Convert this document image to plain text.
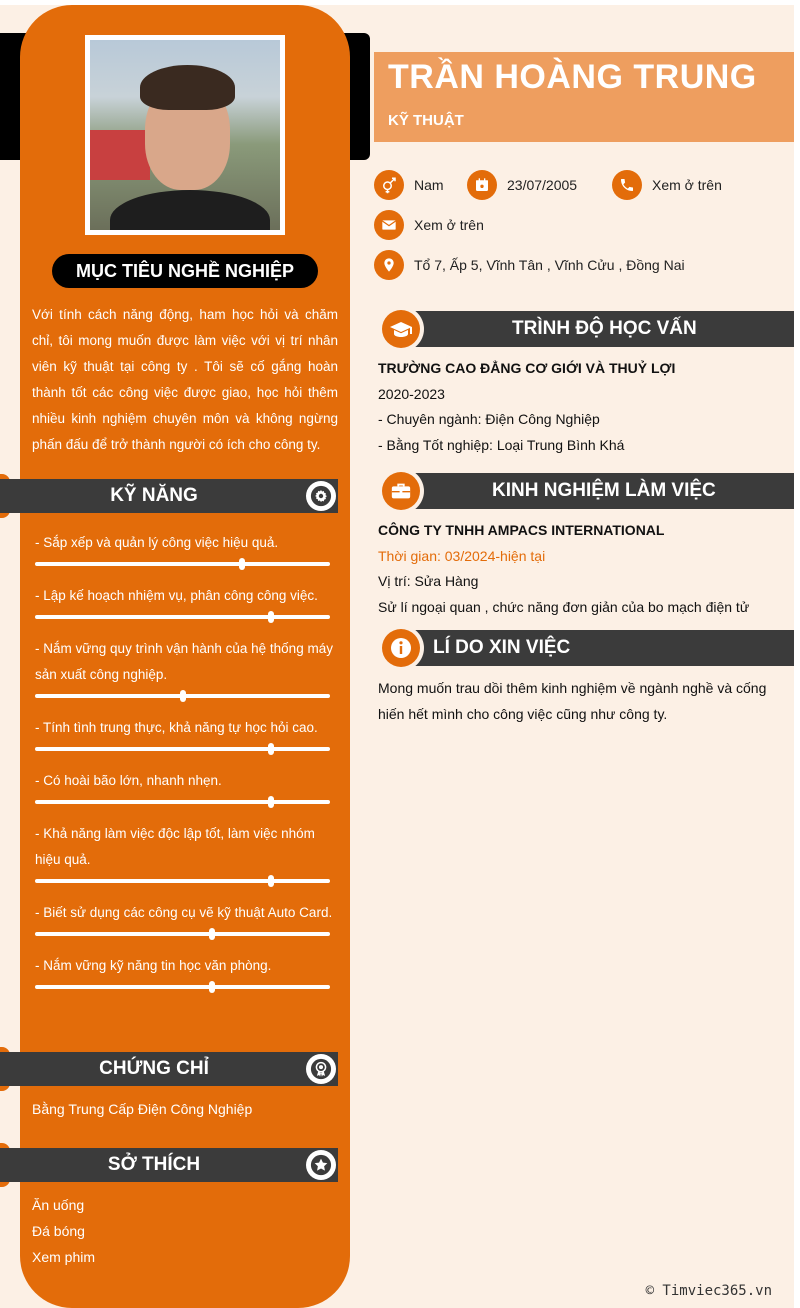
MỤC TIÊU NGHỀ NGHIỆP
Với tính cách năng động, ham học hỏi và chăm chỉ, tôi mong muốn được làm việc với vị trí nhân viên kỹ thuật tại công ty . Tôi sẽ cố gắng hoàn thành tốt các công việc được giao, học hỏi thêm nhiều kinh nghiệm chuyên môn và không ngừng phấn đấu để trở thành người có ích cho công ty.
KỸ NĂNG
- Sắp xếp và quản lý công việc hiệu quả.
- Lập kế hoạch nhiệm vụ, phân công công việc.
- Nắm vững quy trình vận hành của hệ thống máy sản xuất công nghiệp.
- Tính tình trung thực, khả năng tự học hỏi cao.
- Có hoài bão lớn, nhanh nhẹn.
- Khả năng làm việc độc lập tốt, làm việc nhóm hiệu quả.
- Biết sử dụng các công cụ vẽ kỹ thuật Auto Card.
- Nắm vững kỹ năng tin học văn phòng.
CHỨNG CHỈ
Bằng Trung Cấp Điện Công Nghiệp
SỞ THÍCH
Ăn uống
Đá bóng
Xem phim
TRẦN HOÀNG TRUNG
KỸ THUẬT
Nam	23/07/2005	Xem ở trên
Xem ở trên
Tổ 7, Ấp 5, Vĩnh Tân , Vĩnh Cửu , Đồng Nai
TRÌNH ĐỘ HỌC VẤN
TRƯỜNG CAO ĐẲNG CƠ GIỚI VÀ THUỶ LỢI
2020-2023
- Chuyên ngành: Điện Công Nghiệp
- Bằng Tốt nghiệp: Loại Trung Bình Khá
KINH NGHIỆM LÀM VIỆC
CÔNG TY TNHH AMPACS INTERNATIONAL
Thời gian: 03/2024-hiện tại
Vị trí: Sửa Hàng
Sử lí ngoại quan , chức năng đơn giản của bo mạch điện tử
LÍ DO XIN VIỆC
Mong muốn trau dồi thêm kinh nghiệm về ngành nghề và cống hiến hết mình cho công việc cũng như công ty.
© Timviec365.vn
